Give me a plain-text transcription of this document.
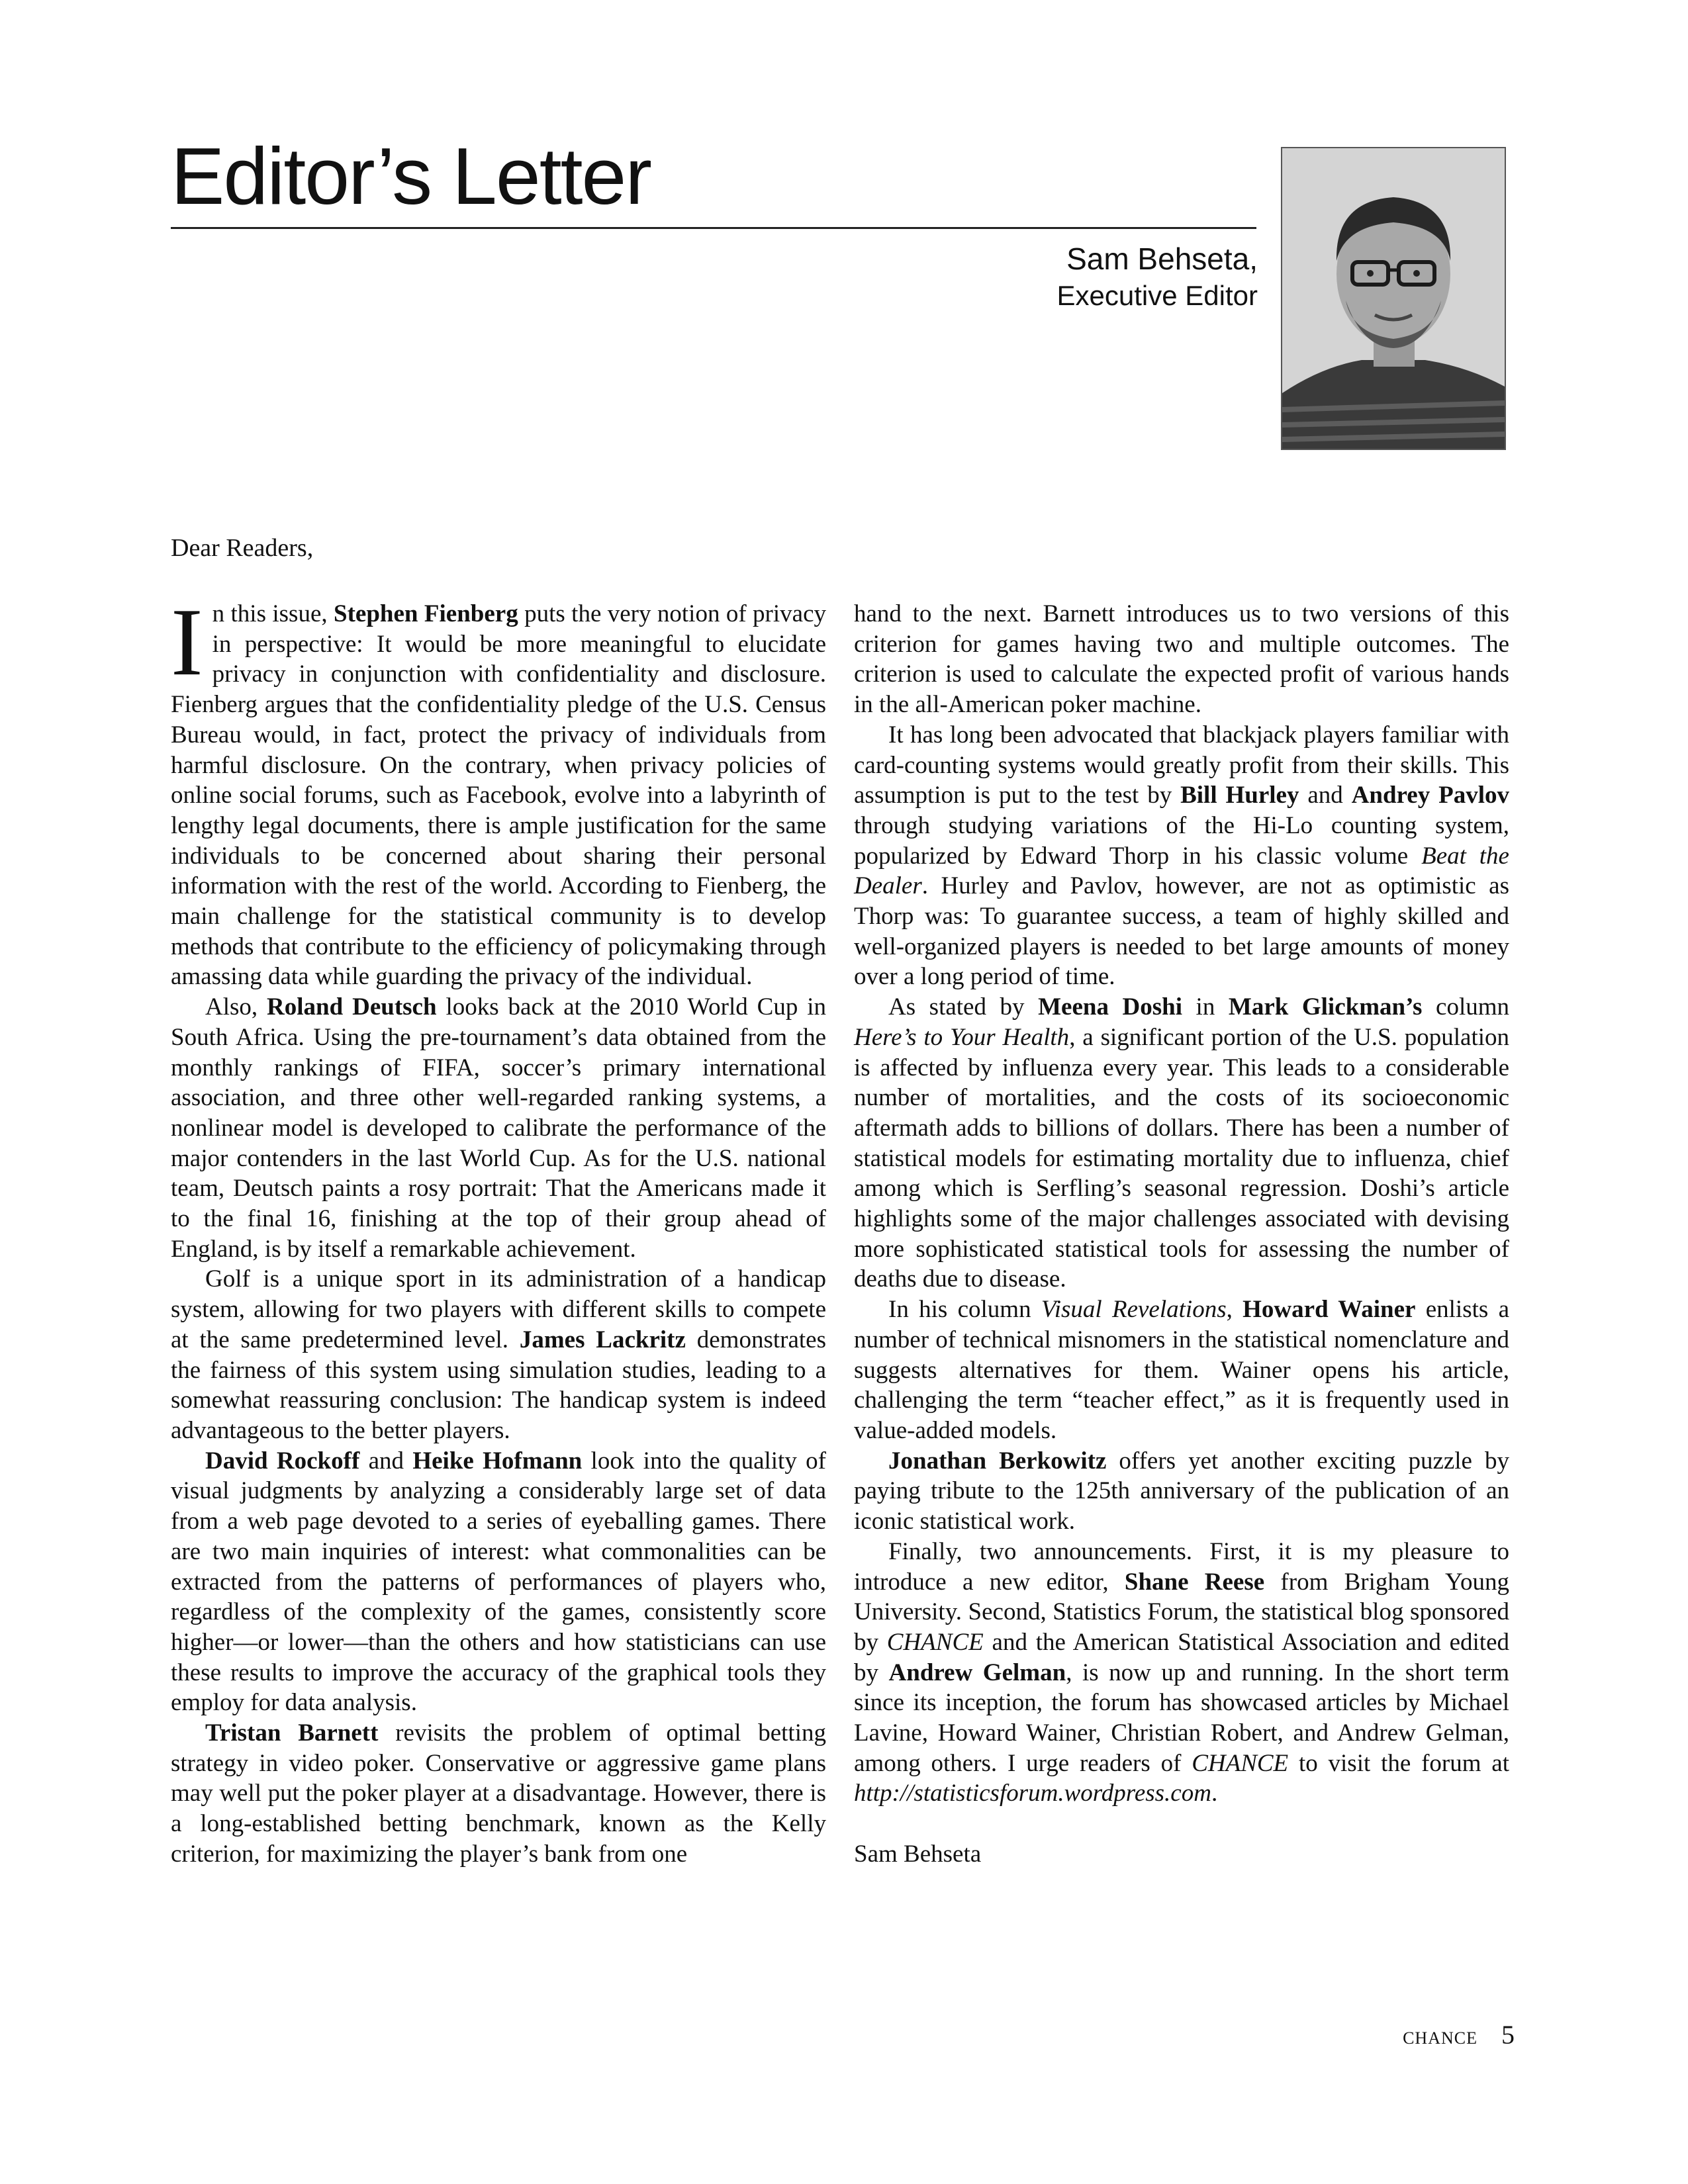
Editor’s Letter
Sam Behseta,
Executive Editor
Dear Readers,

In this issue, Stephen Fienberg puts the very notion of privacy in perspective: It would be more meaningful to elucidate privacy in conjunction with confidentiality and disclosure. Fienberg argues that the confidentiality pledge of the U.S. Census Bureau would, in fact, protect the privacy of individuals from harmful disclosure. On the contrary, when privacy policies of online social forums, such as Facebook, evolve into a labyrinth of lengthy legal documents, there is ample justification for the same individuals to be concerned about sharing their personal information with the rest of the world. According to Fienberg, the main challenge for the statistical community is to develop methods that contribute to the efficiency of policymaking through amassing data while guarding the privacy of the individual.

Also, Roland Deutsch looks back at the 2010 World Cup in South Africa. Using the pre-tournament’s data obtained from the monthly rankings of FIFA, soccer’s primary international association, and three other well-regarded ranking systems, a nonlinear model is developed to calibrate the performance of the major contenders in the last World Cup. As for the U.S. national team, Deutsch paints a rosy portrait: That the Americans made it to the final 16, finishing at the top of their group ahead of England, is by itself a remarkable achievement.

Golf is a unique sport in its administration of a handicap system, allowing for two players with different skills to compete at the same predetermined level. James Lackritz demonstrates the fairness of this system using simulation studies, leading to a somewhat reassuring conclusion: The handicap system is indeed advantageous to the better players.

David Rockoff and Heike Hofmann look into the quality of visual judgments by analyzing a considerably large set of data from a web page devoted to a series of eyeballing games. There are two main inquiries of interest: what commonalities can be extracted from the patterns of performances of players who, regardless of the complexity of the games, consistently score higher—or lower—than the others and how statisticians can use these results to improve the accuracy of the graphical tools they employ for data analysis.

Tristan Barnett revisits the problem of optimal betting strategy in video poker. Conservative or aggressive game plans may well put the poker player at a disadvantage. However, there is a long-established betting benchmark, known as the Kelly criterion, for maximizing the player’s bank from one

hand to the next. Barnett introduces us to two versions of this criterion for games having two and multiple outcomes. The criterion is used to calculate the expected profit of various hands in the all-American poker machine.

It has long been advocated that blackjack players familiar with card-counting systems would greatly profit from their skills. This assumption is put to the test by Bill Hurley and Andrey Pavlov through studying variations of the Hi-Lo counting system, popularized by Edward Thorp in his classic volume Beat the Dealer. Hurley and Pavlov, however, are not as optimistic as Thorp was: To guarantee success, a team of highly skilled and well-organized players is needed to bet large amounts of money over a long period of time.

As stated by Meena Doshi in Mark Glickman’s column Here’s to Your Health, a significant portion of the U.S. population is affected by influenza every year. This leads to a considerable number of mortalities, and the costs of its socioeconomic aftermath adds to billions of dollars. There has been a number of statistical models for estimating mortality due to influenza, chief among which is Serfling’s seasonal regression. Doshi’s article highlights some of the major challenges associated with devising more sophisticated statistical tools for assessing the number of deaths due to disease.

In his column Visual Revelations, Howard Wainer enlists a number of technical misnomers in the statistical nomenclature and suggests alternatives for them. Wainer opens his article, challenging the term “teacher effect,” as it is frequently used in value-added models.

Jonathan Berkowitz offers yet another exciting puzzle by paying tribute to the 125th anniversary of the publication of an iconic statistical work.

Finally, two announcements. First, it is my pleasure to introduce a new editor, Shane Reese from Brigham Young University. Second, Statistics Forum, the statistical blog sponsored by CHANCE and the American Statistical Association and edited by Andrew Gelman, is now up and running. In the short term since its inception, the forum has showcased articles by Michael Lavine, Howard Wainer, Christian Robert, and Andrew Gelman, among others. I urge readers of CHANCE to visit the forum at http://statisticsforum.wordpress.com.

Sam Behseta

CHANCE 5
